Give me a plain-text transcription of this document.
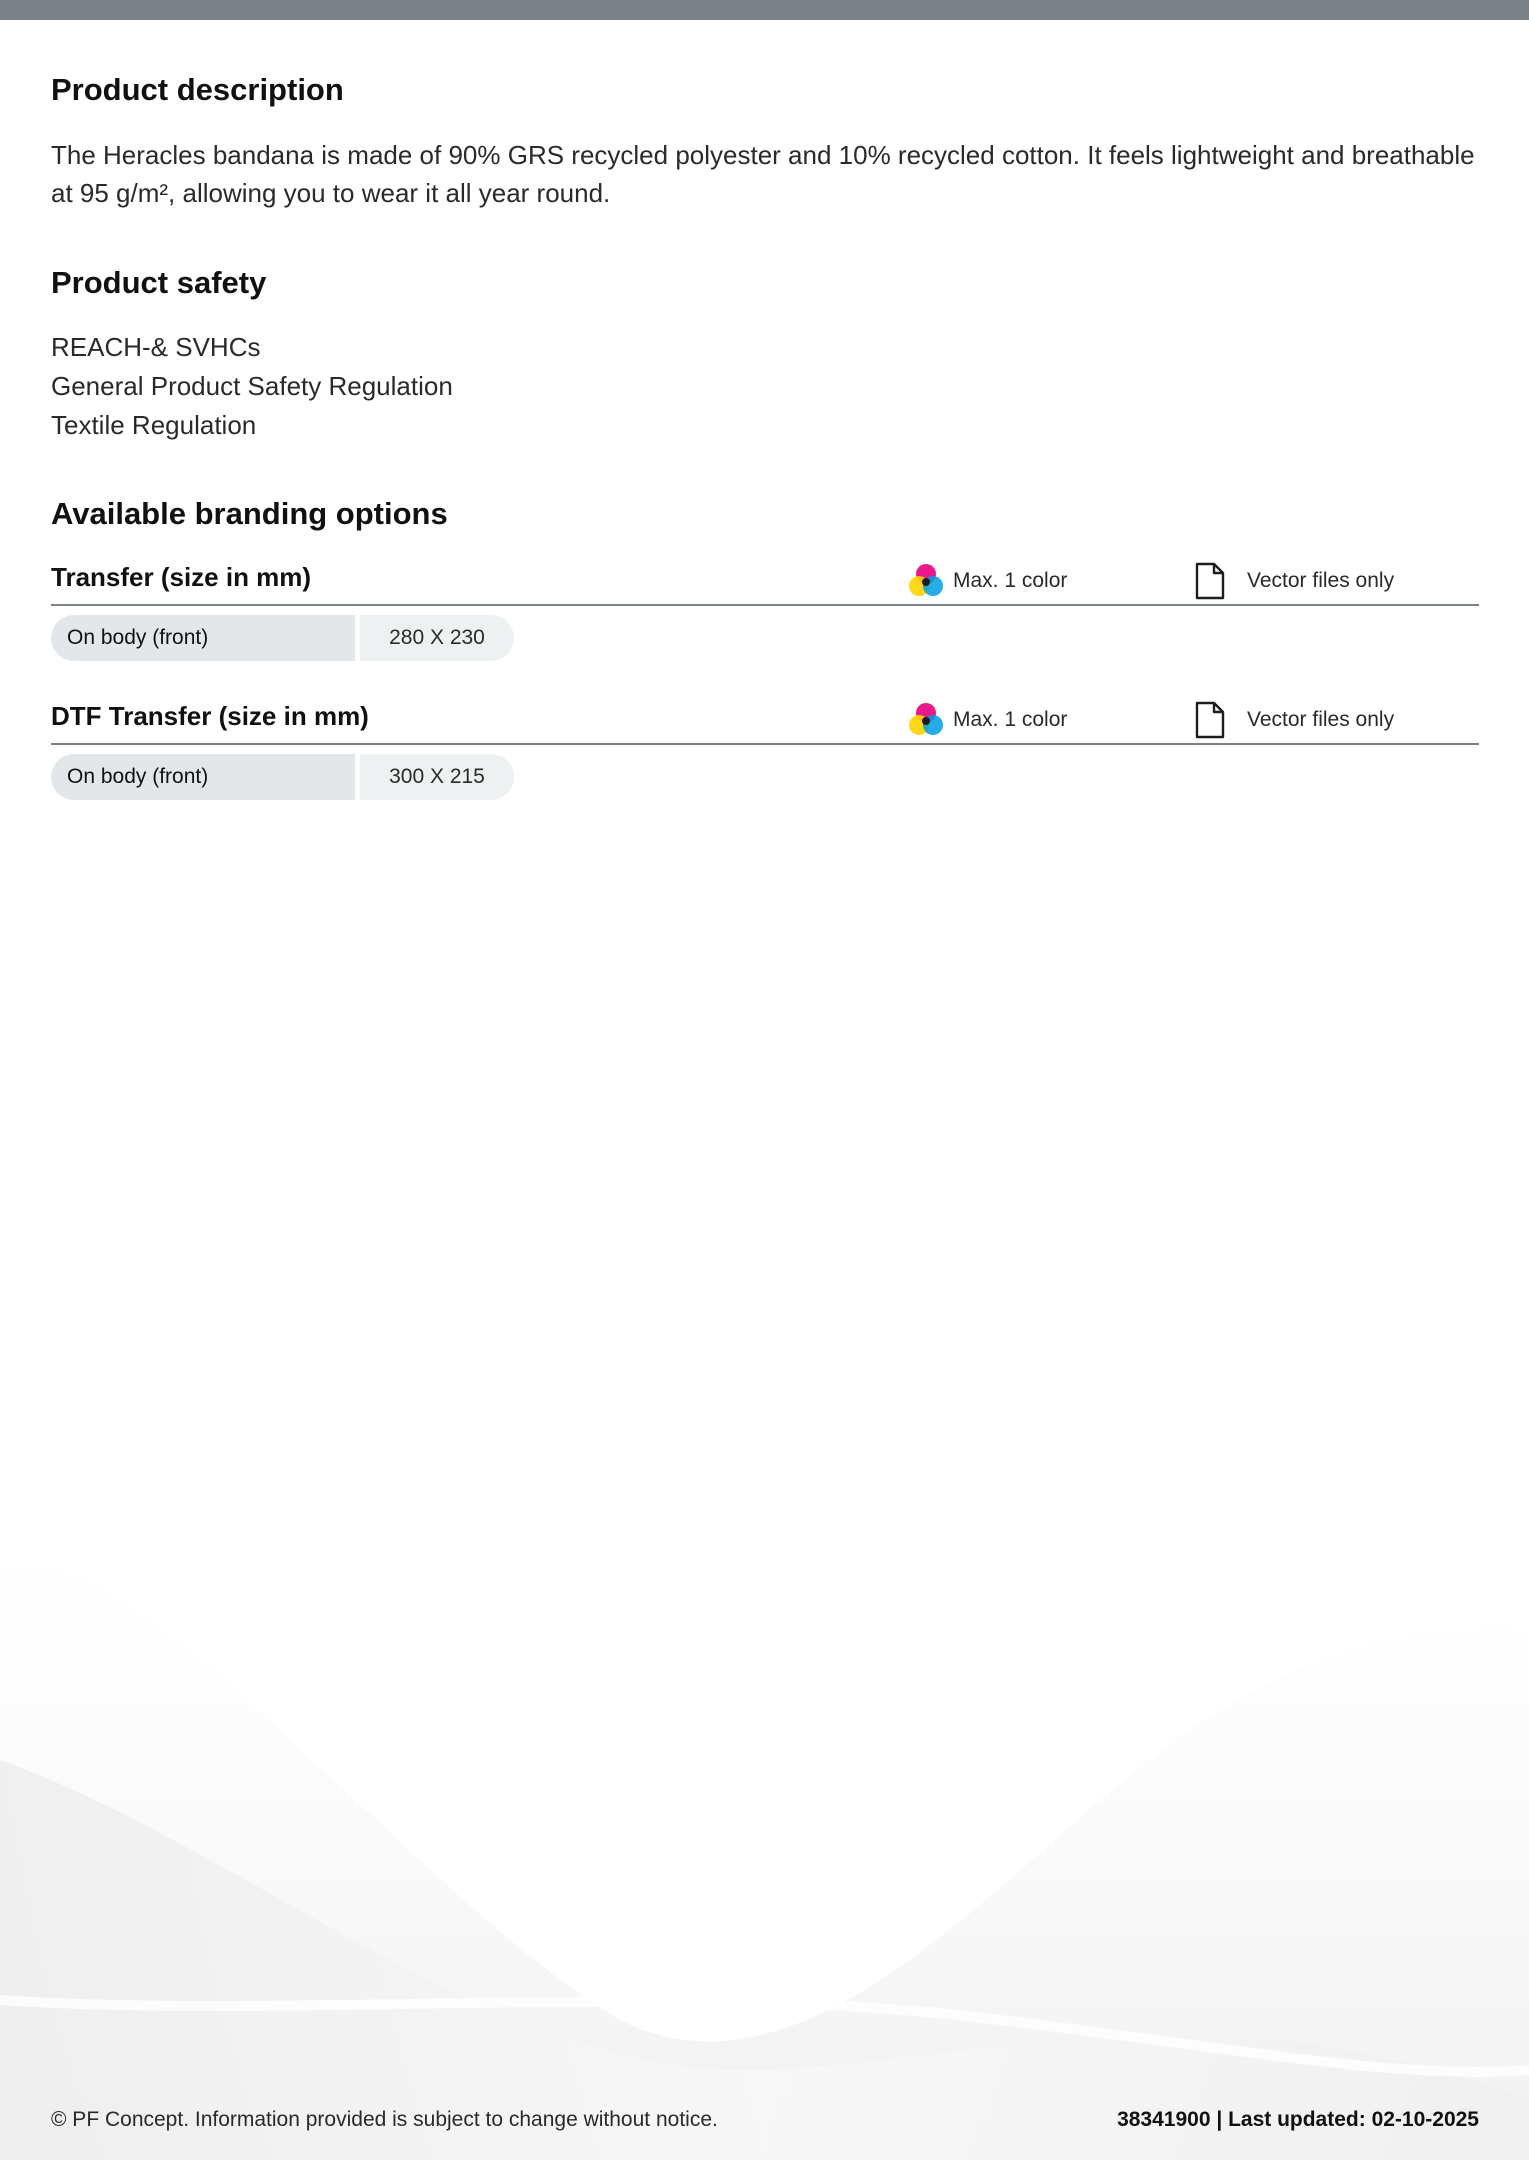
Product description
The Heracles bandana is made of 90% GRS recycled polyester and 10% recycled cotton. It feels lightweight and breathable at 95 g/m², allowing you to wear it all year round.
Product safety
REACH-& SVHCs
General Product Safety Regulation
Textile Regulation
Available branding options
Transfer (size in mm)	Max. 1 color	Vector files only
On body (front)	280 X 230
DTF Transfer (size in mm)	Max. 1 color	Vector files only
On body (front)	300 X 215
© PF Concept. Information provided is subject to change without notice.	38341900 | Last updated: 02-10-2025
